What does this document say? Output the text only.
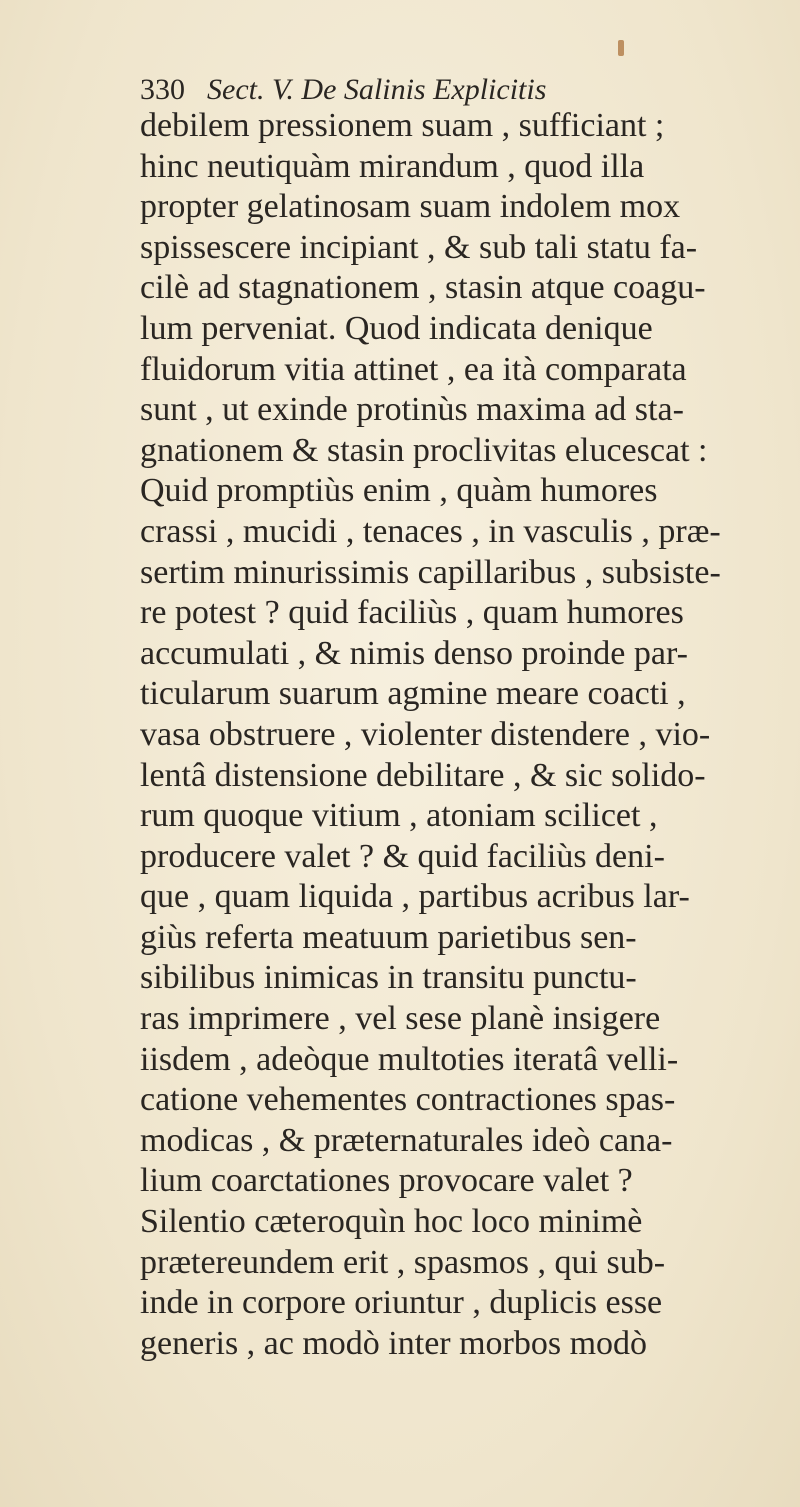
330 Sect. V. De Salinis Explicitis
debilem pressionem suam , sufficiant ;
hinc neutiquàm mirandum , quod illa
propter gelatinosam suam indolem mox
spissescere incipiant , & sub tali statu fa-
cilè ad stagnationem , stasin atque coagu-
lum perveniat. Quod indicata denique
fluidorum vitia attinet , ea ità comparata
sunt , ut exinde protinùs maxima ad sta-
gnationem & stasin proclivitas elucescat :
Quid promptiùs enim , quàm humores
crassi , mucidi , tenaces , in vasculis , præ-
sertim minurissimis capillaribus , subsiste-
re potest ? quid faciliùs , quam humores
accumulati , & nimis denso proinde par-
ticularum suarum agmine meare coacti ,
vasa obstruere , violenter distendere , vio-
lentâ distensione debilitare , & sic solido-
rum quoque vitium , atoniam scilicet ,
producere valet ? & quid faciliùs deni-
que , quam liquida , partibus acribus lar-
giùs referta meatuum parietibus sen-
sibilibus inimicas in transitu punctu-
ras imprimere , vel sese planè insigere
iisdem , adeòque multoties iteratâ velli-
catione vehementes contractiones spas-
modicas , & præternaturales ideò cana-
lium coarctationes provocare valet ?
Silentio cæteroquìn hoc loco minimè
prætereundem erit , spasmos , qui sub-
inde in corpore oriuntur , duplicis esse
generis , ac modò inter morbos modò
